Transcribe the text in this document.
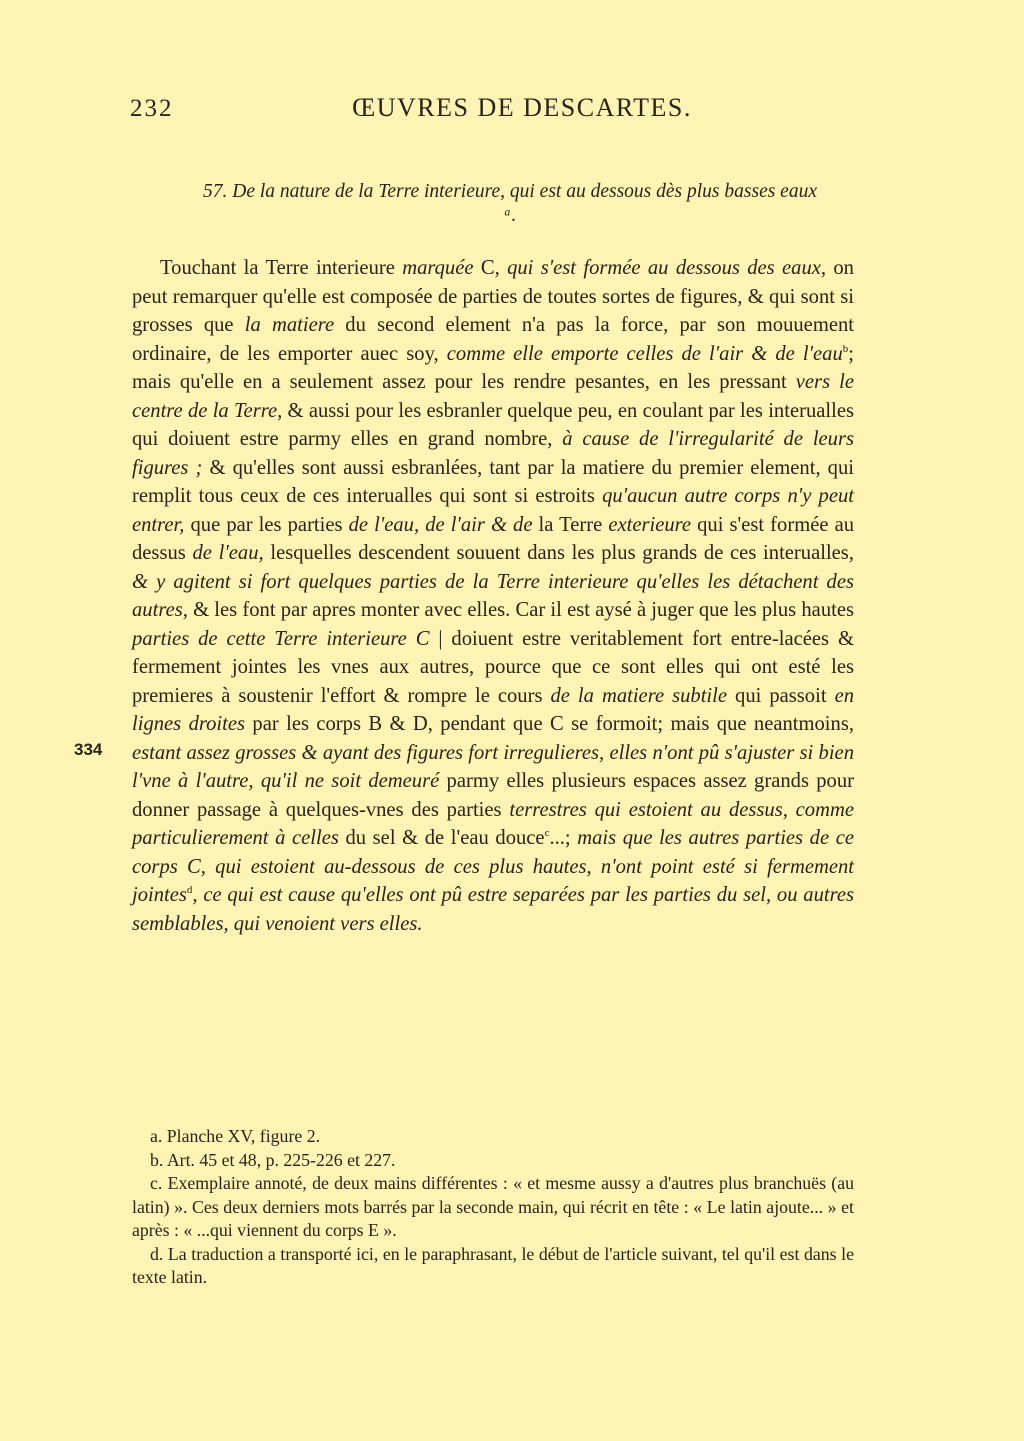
232	ŒUVRES DE DESCARTES.
57. De la nature de la Terre interieure, qui est au dessous dès plus basses eaux ᵃ.
334

Touchant la Terre interieure marquée C, qui s'est formée au dessous des eaux, on peut remarquer qu'elle est composée de parties de toutes sortes de figures, & qui sont si grosses que la matiere du second element n'a pas la force, par son mouuement ordinaire, de les emporter auec soy, comme elle emporte celles de l'air & de l'eau$^b$; mais qu'elle en a seulement assez pour les rendre pesantes, en les pressant vers le centre de la Terre, & aussi pour les esbranler quelque peu, en coulant par les interualles qui doiuent estre parmy elles en grand nombre, à cause de l'irregularité de leurs figures ; & qu'elles sont aussi esbranlées, tant par la matiere du premier element, qui remplit tous ceux de ces interualles qui sont si estroits qu'aucun autre corps n'y peut entrer, que par les parties de l'eau, de l'air & de la Terre exterieure qui s'est formée au dessus de l'eau, lesquelles descendent souuent dans les plus grands de ces interualles, & y agitent si fort quelques parties de la Terre interieure qu'elles les détachent des autres, & les font par apres monter avec elles. Car il est aysé à juger que les plus hautes parties de cette Terre interieure C | doiuent estre veritablement fort entre-lacées & fermement jointes les vnes aux autres, pource que ce sont elles qui ont esté les premieres à soustenir l'effort & rompre le cours de la matiere subtile qui passoit en lignes droites par les corps B & D, pendant que C se formoit; mais que neantmoins, estant assez grosses & ayant des figures fort irregulieres, elles n'ont pû s'ajuster si bien l'vne à l'autre, qu'il ne soit demeuré parmy elles plusieurs espaces assez grands pour donner passage à quelques-vnes des parties terrestres qui estoient au dessus, comme particulierement à celles du sel & de l'eau douce$^c$...; mais que les autres parties de ce corps C, qui estoient au-dessous de ces plus hautes, n'ont point esté si fermement jointes$^d$, ce qui est cause qu'elles ont pû estre separées par les parties du sel, ou autres semblables, qui venoient vers elles.

a. Planche XV, figure 2.

b. Art. 45 et 48, p. 225-226 et 227.

c. Exemplaire annoté, de deux mains différentes : « et mesme aussy a d'autres plus branchuës (au latin) ». Ces deux derniers mots barrés par la seconde main, qui récrit en tête : « Le latin ajoute... » et après : « ...qui viennent du corps E ».

d. La traduction a transporté ici, en le paraphrasant, le début de l'article suivant, tel qu'il est dans le texte latin.
